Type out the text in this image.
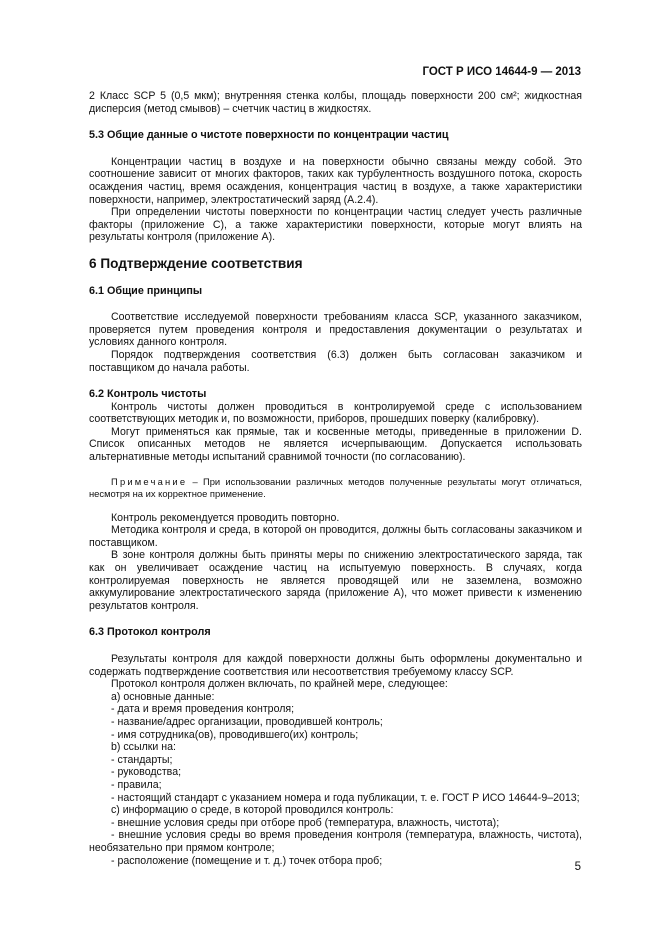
ГОСТ Р ИСО 14644-9 — 2013

2 Класс SCP 5 (0,5 мкм); внутренняя стенка колбы, площадь поверхности 200 см²; жидкостная дисперсия (метод смывов) – счетчик частиц в жидкостях.

5.3 Общие данные о чистоте поверхности по концентрации частиц

Концентрации частиц в воздухе и на поверхности обычно связаны между собой. Это соотношение зависит от многих факторов, таких как турбулентность воздушного потока, скорость осаждения частиц, время осаждения, концентрация частиц в воздухе, а также характеристики поверхности, например, электростатический заряд (А.2.4).

При определении чистоты поверхности по концентрации частиц следует учесть различные факторы (приложение С), а также характеристики поверхности, которые могут влиять на результаты контроля (приложение А).

6 Подтверждение соответствия
6.1 Общие принципы

Соответствие исследуемой поверхности требованиям класса SCP, указанного заказчиком, проверяется путем проведения контроля и предоставления документации о результатах и условиях данного контроля.

Порядок подтверждения соответствия (6.3) должен быть согласован заказчиком и поставщиком до начала работы.

6.2 Контроль чистоты

Контроль чистоты должен проводиться в контролируемой среде с использованием соответствующих методик и, по возможности, приборов, прошедших поверку (калибровку).

Могут применяться как прямые, так и косвенные методы, приведенные в приложении D. Список описанных методов не является исчерпывающим. Допускается использовать альтернативные методы испытаний сравнимой точности (по согласованию).

Примечание – При использовании различных методов полученные результаты могут отличаться, несмотря на их корректное применение.

Контроль рекомендуется проводить повторно.

Методика контроля и среда, в которой он проводится, должны быть согласованы заказчиком и поставщиком.

В зоне контроля должны быть приняты меры по снижению электростатического заряда, так как он увеличивает осаждение частиц на испытуемую поверхность. В случаях, когда контролируемая поверхность не является проводящей или не заземлена, возможно аккумулирование электростатического заряда (приложение А), что может привести к изменению результатов контроля.

6.3 Протокол контроля

Результаты контроля для каждой поверхности должны быть оформлены документально и содержать подтверждение соответствия или несоответствия требуемому классу SCP.

Протокол контроля должен включать, по крайней мере, следующее:

а) основные данные:

- дата и время проведения контроля;

- название/адрес организации, проводившей контроль;

- имя сотрудника(ов), проводившего(их) контроль;

b) ссылки на:

- стандарты;

- руководства;

- правила;

- настоящий стандарт с указанием номера и года публикации, т. е. ГОСТ Р ИСО 14644-9–2013;

с) информацию о среде, в которой проводился контроль:

- внешние условия среды при отборе проб (температура, влажность, чистота);

- внешние условия среды во время проведения контроля (температура, влажность, чистота), необязательно при прямом контроле;

- расположение (помещение и т. д.) точек отбора проб;

5
